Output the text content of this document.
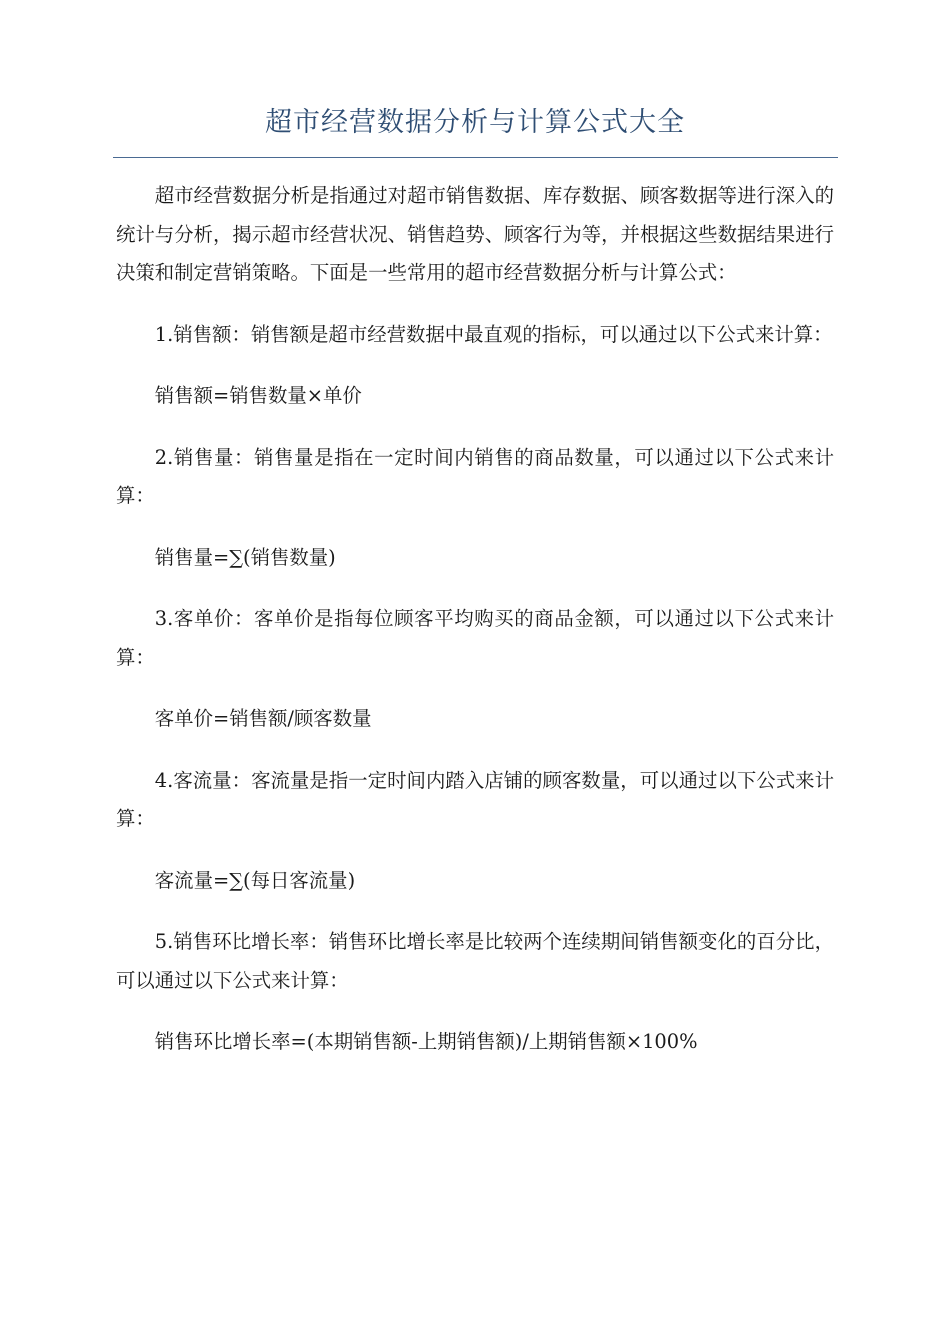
超市经营数据分析与计算公式大全

超市经营数据分析是指通过对超市销售数据、库存数据、顾客数据等进行深入的统计与分析，揭示超市经营状况、销售趋势、顾客行为等，并根据这些数据结果进行决策和制定营销策略。下面是一些常用的超市经营数据分析与计算公式：

1.销售额：销售额是超市经营数据中最直观的指标，可以通过以下公式来计算：

销售额=销售数量×单价

2.销售量：销售量是指在一定时间内销售的商品数量，可以通过以下公式来计算：

销售量=∑(销售数量)

3.客单价：客单价是指每位顾客平均购买的商品金额，可以通过以下公式来计算：

客单价=销售额/顾客数量

4.客流量：客流量是指一定时间内踏入店铺的顾客数量，可以通过以下公式来计算：

客流量=∑(每日客流量)

5.销售环比增长率：销售环比增长率是比较两个连续期间销售额变化的百分比，可以通过以下公式来计算：

销售环比增长率=(本期销售额-上期销售额)/上期销售额×100%
